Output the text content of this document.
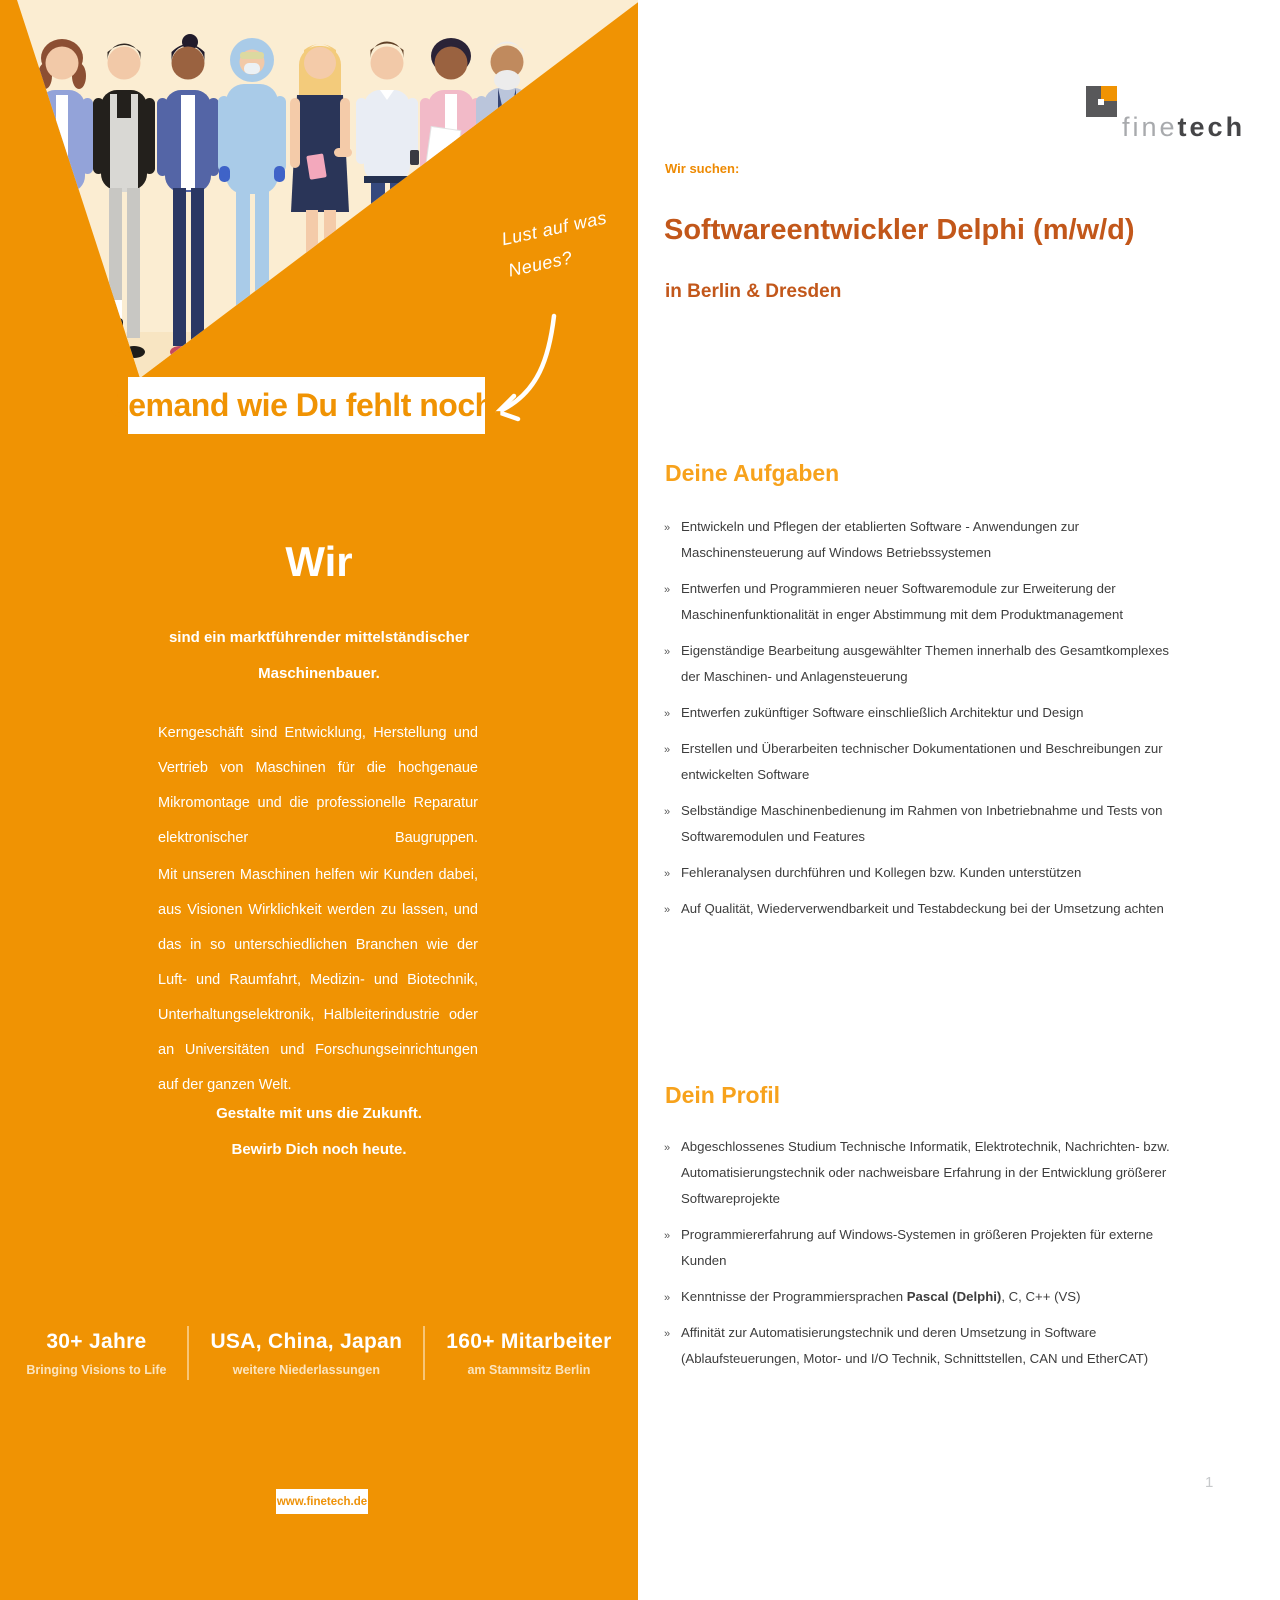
Lust auf was
Neues?
Jemand wie Du fehlt noch.
Wir
sind ein marktführender mittelständischer
Maschinenbauer.

Kerngeschäft sind Entwicklung, Herstellung und Vertrieb von Maschinen für die hochgenaue Mikromontage und die professionelle Reparatur elektronischer Baugruppen.

Mit unseren Maschinen helfen wir Kunden dabei, aus Visionen Wirklichkeit werden zu lassen, und das in so unterschiedlichen Branchen wie der Luft- und Raumfahrt, Medizin- und Biotechnik, Unterhaltungselektronik, Halbleiterindustrie oder an Universitäten und Forschungseinrichtungen auf der ganzen Welt.

Gestalte mit uns die Zukunft.
Bewirb Dich noch heute.
30+ Jahre
Bringing Visions to Life
USA, China, Japan
weitere Niederlassungen
160+ Mitarbeiter
am Stammsitz Berlin
www.finetech.de
finetech
Wir suchen:
Softwareentwickler Delphi (m/w/d)
in Berlin & Dresden
Deine Aufgaben
» Entwickeln und Pflegen der etablierten Software - Anwendungen zur Maschinensteuerung auf Windows Betriebssystemen
» Entwerfen und Programmieren neuer Softwaremodule zur Erweiterung der Maschinenfunktionalität in enger Abstimmung mit dem Produktmanagement
» Eigenständige Bearbeitung ausgewählter Themen innerhalb des Gesamtkomplexes der Maschinen- und Anlagensteuerung
» Entwerfen zukünftiger Software einschließlich Architektur und Design
» Erstellen und Überarbeiten technischer Dokumentationen und Beschreibungen zur entwickelten Software
» Selbständige Maschinenbedienung im Rahmen von Inbetriebnahme und Tests von Softwaremodulen und Features
» Fehleranalysen durchführen und Kollegen bzw. Kunden unterstützen
» Auf Qualität, Wiederverwendbarkeit und Testabdeckung bei der Umsetzung achten
Dein Profil
» Abgeschlossenes Studium Technische Informatik, Elektrotechnik, Nachrichten- bzw. Automatisierungstechnik oder nachweisbare Erfahrung in der Entwicklung größerer Softwareprojekte
» Programmiererfahrung auf Windows-Systemen in größeren Projekten für externe Kunden
» Kenntnisse der Programmiersprachen Pascal (Delphi), C, C++ (VS)
» Affinität zur Automatisierungstechnik und deren Umsetzung in Software (Ablaufsteuerungen, Motor- und I/O Technik, Schnittstellen, CAN und EtherCAT)
1
